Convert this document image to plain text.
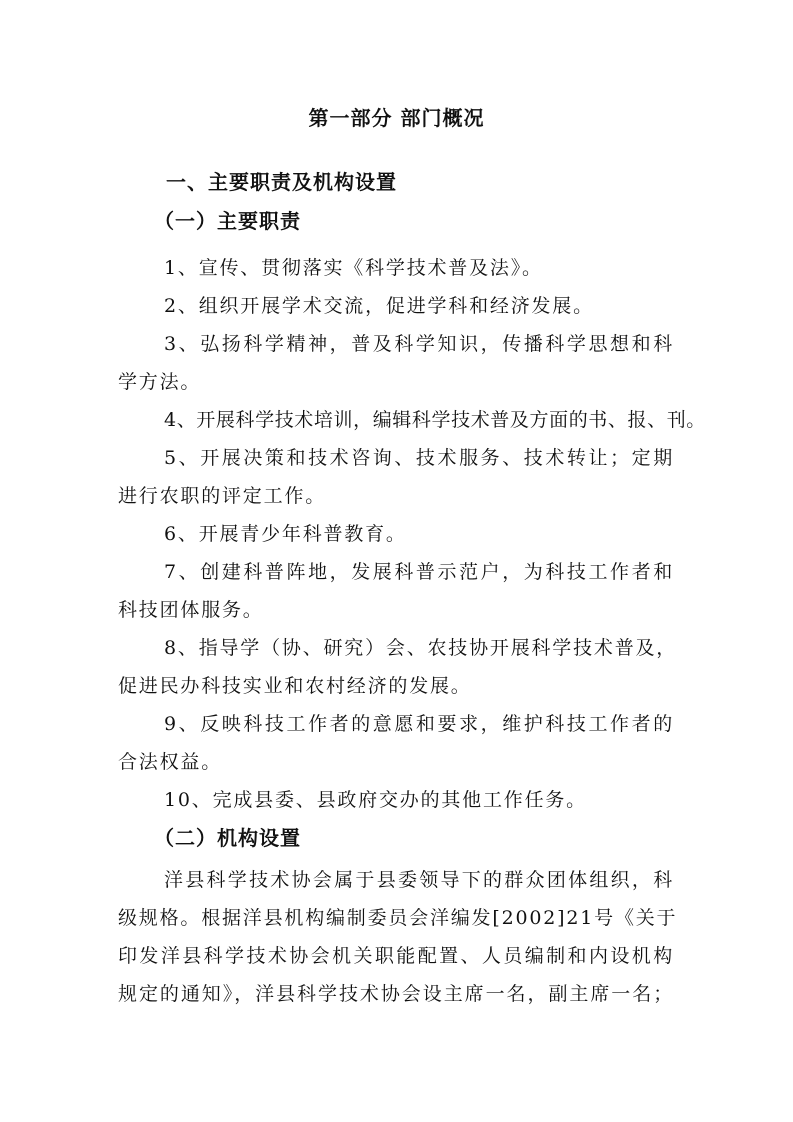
第一部分 部门概况
一、主要职责及机构设置
（一）主要职责
1、宣传、贯彻落实《科学技术普及法》。
2、组织开展学术交流，促进学科和经济发展。
3、弘扬科学精神，普及科学知识，传播科学思想和科
学方法。
4、开展科学技术培训，编辑科学技术普及方面的书、报、刊。
5、开展决策和技术咨询、技术服务、技术转让；定期
进行农职的评定工作。
6、开展青少年科普教育。
7、创建科普阵地，发展科普示范户，为科技工作者和
科技团体服务。
8、指导学（协、研究）会、农技协开展科学技术普及，
促进民办科技实业和农村经济的发展。
9、反映科技工作者的意愿和要求，维护科技工作者的
合法权益。
10、完成县委、县政府交办的其他工作任务。
（二）机构设置
洋县科学技术协会属于县委领导下的群众团体组织，科
级规格。根据洋县机构编制委员会洋编发[2002]21号《关于
印发洋县科学技术协会机关职能配置、人员编制和内设机构
规定的通知》，洋县科学技术协会设主席一名，副主席一名；
